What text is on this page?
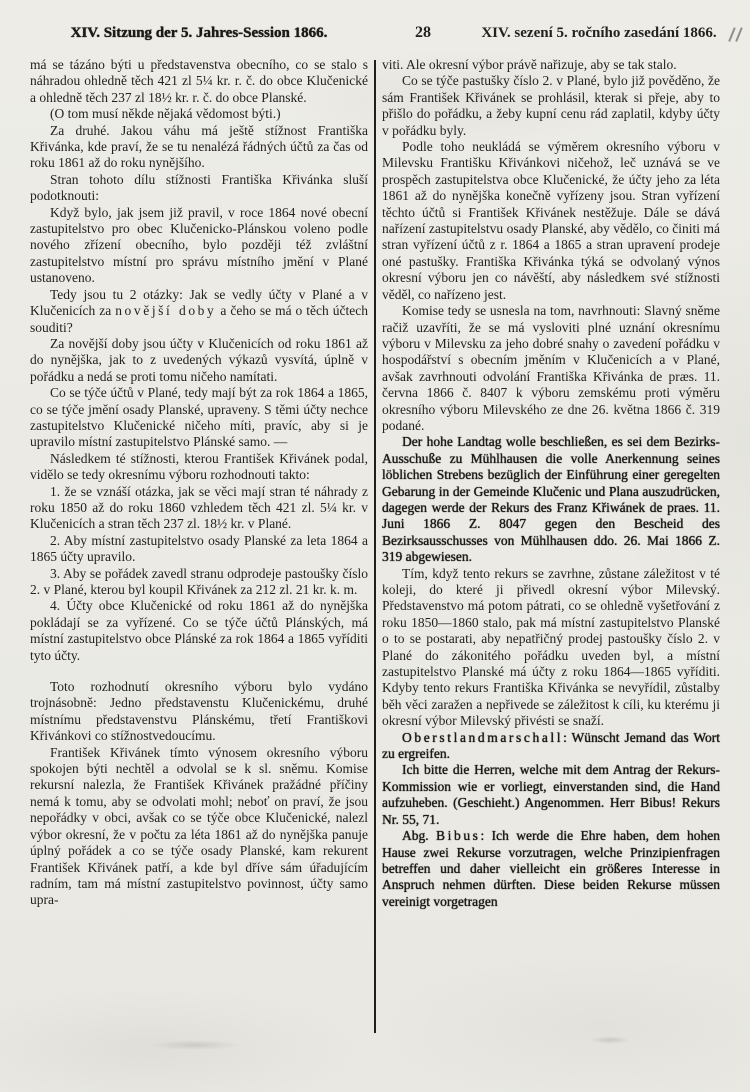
XIV. Sitzung der 5. Jahres-Session 1866.	28	XIV. sezení 5. ročního zasedání 1866.

má se tázáno býti u představenstva obecního, co se stalo s náhradou ohledně těch 421 zl 5¼ kr. r. č. do obce Klučenické a ohledně těch 237 zl 18½ kr. r. č. do obce Planské.

(O tom musí někde nějaká vědomost býti.)

Za druhé. Jakou váhu má ještě stížnost Františka Křivánka, kde praví, že se tu nenalézá řádných účtů za čas od roku 1861 až do roku nynějšího.

Stran tohoto dílu stížnosti Františka Křivánka sluší podotknouti:

Když bylo, jak jsem již pravil, v roce 1864 nové obecní zastupitelstvo pro obec Klučenicko-Plánskou voleno podle nového zřízení obecního, bylo později též zvláštní zastupitelstvo místní pro správu místního jmění v Plané ustanoveno.

Tedy jsou tu 2 otázky: Jak se vedly účty v Plané a v Klučenicích za novější doby a čeho se má o těch účtech souditi?

Za novější doby jsou účty v Klučenicích od roku 1861 až do nynějška, jak to z uvedených výkazů vysvítá, úplně v pořádku a nedá se proti tomu ničeho namítati.

Co se týče účtů v Plané, tedy mají být za rok 1864 a 1865, co se týče jmění osady Planské, upraveny. S těmi účty nechce zastupitelstvo Klučenické ničeho míti, pravíc, aby si je upravilo místní zastupitelstvo Plánské samo. —

Následkem té stížnosti, kterou František Křivánek podal, vidělo se tedy okresnímu výboru rozhodnouti takto:

1. že se vznáší otázka, jak se věci mají stran té náhrady z roku 1850 až do roku 1860 vzhledem těch 421 zl. 5¼ kr. v Klučenicích a stran těch 237 zl. 18½ kr. v Plané.

2. Aby místní zastupitelstvo osady Planské za leta 1864 a 1865 účty upravilo.

3. Aby se pořádek zavedl stranu odprodeje pastoušky číslo 2. v Plané, kterou byl koupil Křivánek za 212 zl. 21 kr. k. m.

4. Účty obce Klučenické od roku 1861 až do nynějška pokládají se za vyřízené. Co se týče účtů Plánských, má místní zastupitelstvo obce Plánské za rok 1864 a 1865 vyříditi tyto účty.

Toto rozhodnutí okresního výboru bylo vydáno trojnásobně: Jedno představenstu Klučenickému, druhé místnímu představenstvu Plánskému, třetí Františkovi Křivánkovi co stížnostvedoucímu.

František Křivánek tímto výnosem okresního výboru spokojen býti nechtěl a odvolal se k sl. sněmu. Komise rekursní nalezla, že František Křivánek pražádné příčiny nemá k tomu, aby se odvolati mohl; neboť on praví, že jsou nepořádky v obci, avšak co se týče obce Klučenické, nalezl výbor okresní, že v počtu za léta 1861 až do nynějška panuje úplný pořádek a co se týče osady Planské, kam rekurent František Křivánek patří, a kde byl dříve sám úřadujícím radním, tam má místní zastupitelstvo povinnost, účty samo upra-

viti. Ale okresní výbor právě nařizuje, aby se tak stalo.

Co se týče pastušky číslo 2. v Plané, bylo již pověděno, že sám František Křivánek se prohlásil, kterak si přeje, aby to přišlo do pořádku, a žeby kupní cenu rád zaplatil, kdyby účty v pořádku byly.

Podle toho neukládá se výměrem okresního výboru v Milevsku Františku Křivánkovi ničehož, leč uznává se ve prospěch zastupitelstva obce Klučenické, že účty jeho za léta 1861 až do nynějška konečně vyřízeny jsou. Stran vyřízení těchto účtů si František Křivánek nestěžuje. Dále se dává nařízení zastupitelstvu osady Planské, aby vědělo, co činiti má stran vyřízení účtů z r. 1864 a 1865 a stran upravení prodeje oné pastušky. Františka Křivánka týká se odvolaný výnos okresní výboru jen co návěští, aby následkem své stížnosti věděl, co nařízeno jest.

Komise tedy se usnesla na tom, navrhnouti: Slavný sněme račiž uzavříti, že se má vysloviti plné uznání okresnímu výboru v Milevsku za jeho dobré snahy o zavedení pořádku v hospodářství s obecním jměním v Klučenicích a v Plané, avšak zavrhnouti odvolání Františka Křivánka de præs. 11. června 1866 č. 8407 k výboru zemskému proti výměru okresního výboru Milevského ze dne 26. května 1866 č. 319 podané.

Der hohe Landtag wolle beschließen, es sei dem Bezirks-Ausschuße zu Mühlhausen die volle Anerkennung seines löblichen Strebens bezüglich der Einführung einer geregelten Gebarung in der Gemeinde Klučenic und Plana auszudrücken, dagegen werde der Rekurs des Franz Křiwánek de praes. 11. Juni 1866 Z. 8047 gegen den Bescheid des Bezirksausschusses von Mühlhausen ddo. 26. Mai 1866 Z. 319 abgewiesen.

Tím, když tento rekurs se zavrhne, zůstane záležitost v té koleji, do které ji přivedl okresní výbor Milevský. Představenstvo má potom pátrati, co se ohledně vyšetřování z roku 1850—1860 stalo, pak má místní zastupitelstvo Planské o to se postarati, aby nepatřičný prodej pastoušky číslo 2. v Plané do zákonitého pořádku uveden byl, a místní zastupitelstvo Planské má účty z roku 1864—1865 vyříditi. Kdyby tento rekurs Františka Křivánka se nevyřídil, zůstalby běh věci zaražen a nepřivede se záležitost k cíli, ku kterému ji okresní výbor Milevský přivésti se snaží.

Oberstlandmarschall: Wünscht Jemand das Wort zu ergreifen.

Ich bitte die Herren, welche mit dem Antrag der Rekurs-Kommission wie er vorliegt, einverstanden sind, die Hand aufzuheben. (Geschieht.) Angenommen. Herr Bibus! Rekurs Nr. 55, 71.

Abg. Bibus: Ich werde die Ehre haben, dem hohen Hause zwei Rekurse vorzutragen, welche Prinzipienfragen betreffen und daher vielleicht ein größeres Interesse in Anspruch nehmen dürften. Diese beiden Rekurse müssen vereinigt vorgetragen
